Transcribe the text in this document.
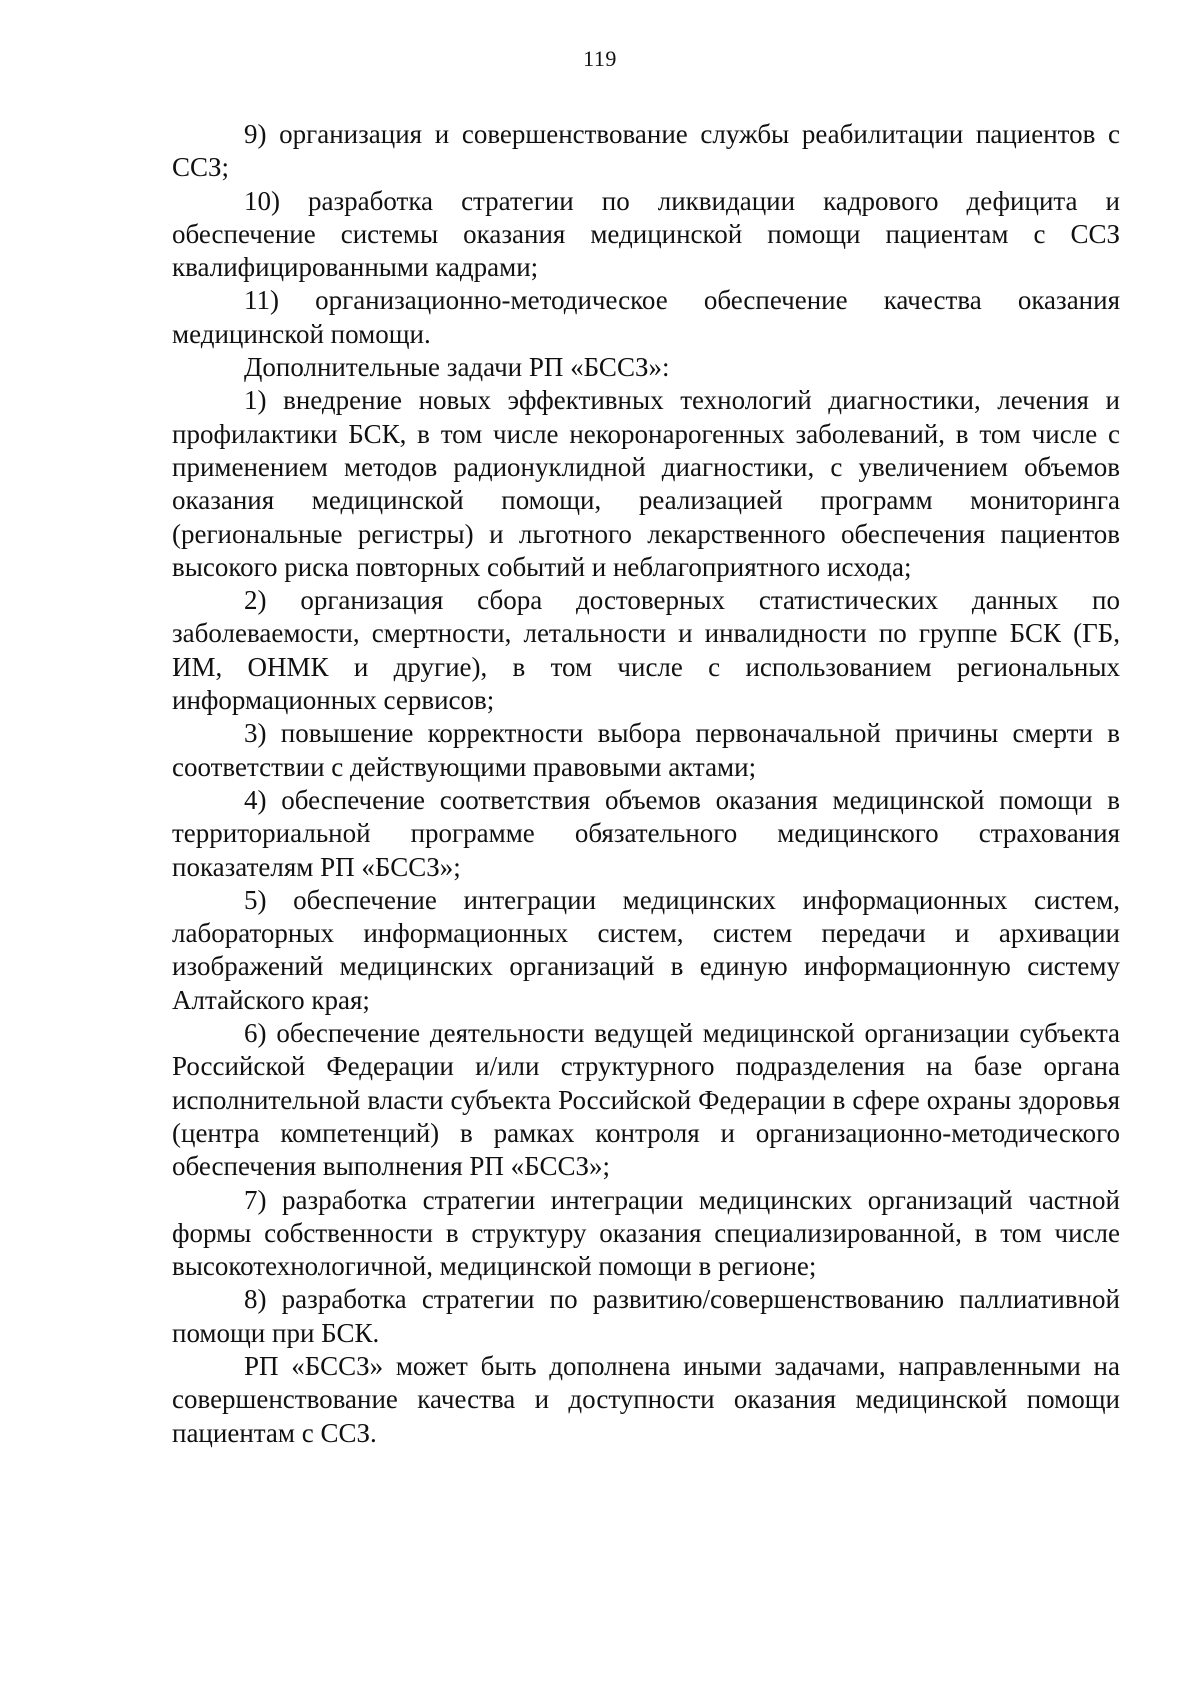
119

9) организация и совершенствование службы реабилитации пациентов с ССЗ;

10) разработка стратегии по ликвидации кадрового дефицита и обеспечение системы оказания медицинской помощи пациентам с ССЗ квалифицированными кадрами;

11) организационно-методическое обеспечение качества оказания медицинской помощи.

Дополнительные задачи РП «БССЗ»:

1) внедрение новых эффективных технологий диагностики, лечения и профилактики БСК, в том числе некоронарогенных заболеваний, в том числе с применением методов радионуклидной диагностики, с увеличением объемов оказания медицинской помощи, реализацией программ мониторинга (региональные регистры) и льготного лекарственного обеспечения пациентов высокого риска повторных событий и неблагоприятного исхода;

2) организация сбора достоверных статистических данных по заболеваемости, смертности, летальности и инвалидности по группе БСК (ГБ, ИМ, ОНМК и другие), в том числе с использованием региональных информационных сервисов;

3) повышение корректности выбора первоначальной причины смерти в соответствии с действующими правовыми актами;

4) обеспечение соответствия объемов оказания медицинской помощи в территориальной программе обязательного медицинского страхования показателям РП «БССЗ»;

5) обеспечение интеграции медицинских информационных систем, лабораторных информационных систем, систем передачи и архивации изображений медицинских организаций в единую информационную систему Алтайского края;

6) обеспечение деятельности ведущей медицинской организации субъекта Российской Федерации и/или структурного подразделения на базе органа исполнительной власти субъекта Российской Федерации в сфере охраны здоровья (центра компетенций) в рамках контроля и организационно-методического обеспечения выполнения РП «БССЗ»;

7) разработка стратегии интеграции медицинских организаций частной формы собственности в структуру оказания специализированной, в том числе высокотехнологичной, медицинской помощи в регионе;

8) разработка стратегии по развитию/совершенствованию паллиативной помощи при БСК.

РП «БССЗ» может быть дополнена иными задачами, направленными на совершенствование качества и доступности оказания медицинской помощи пациентам с ССЗ.
